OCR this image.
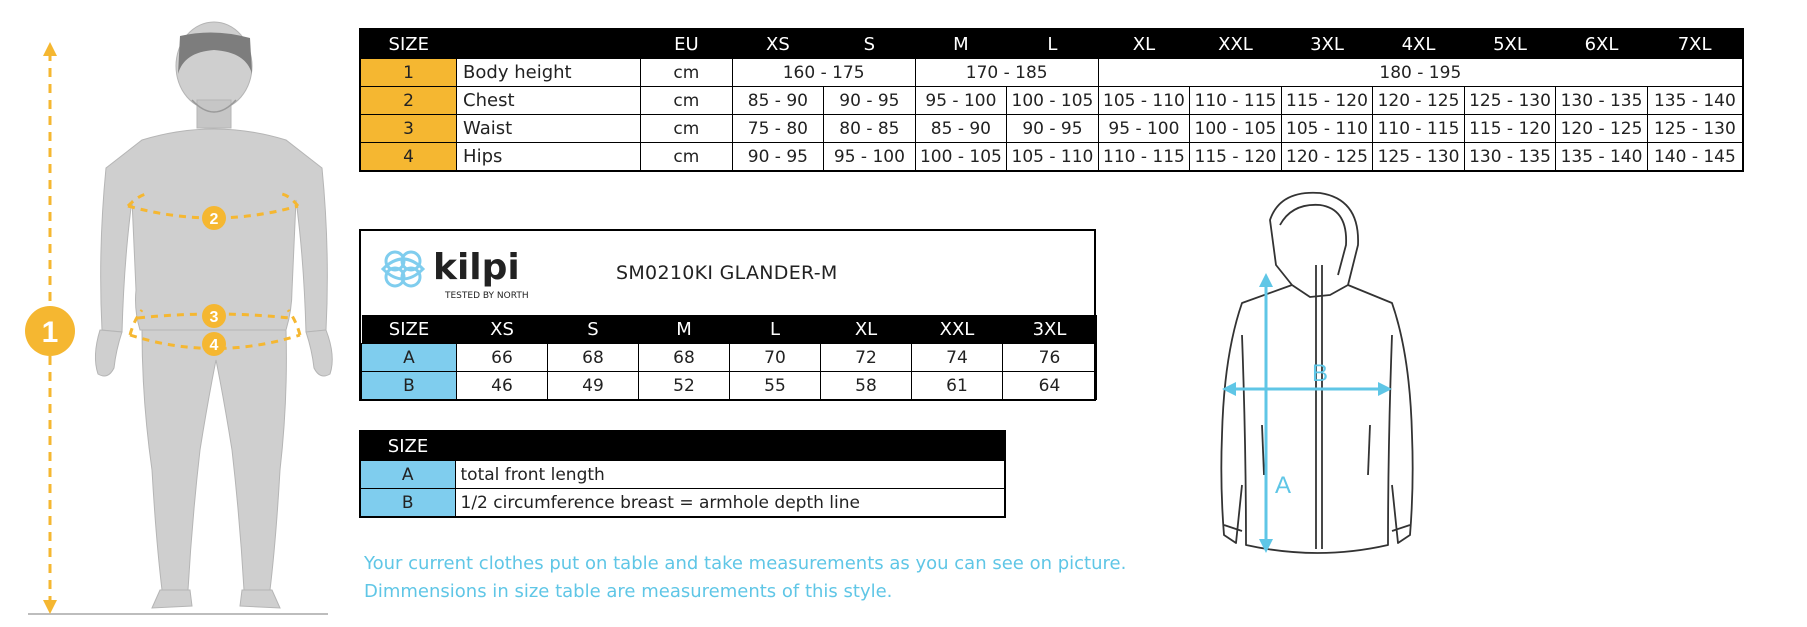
1
2
3
4
SIZE		EU	XS	S	M	L	XL	XXL	3XL	4XL	5XL	6XL	7XL
1	Body height	cm	160 - 175		170 - 185		180 - 195						
2	Chest	cm	85 - 90	90 - 95	95 - 100	100 - 105	105 - 110	110 - 115	115 - 120	120 - 125	125 - 130	130 - 135	135 - 140
3	Waist	cm	75 - 80	80 - 85	85 - 90	90 - 95	95 - 100	100 - 105	105 - 110	110 - 115	115 - 120	120 - 125	125 - 130
4	Hips	cm	90 - 95	95 - 100	100 - 105	105 - 110	110 - 115	115 - 120	120 - 125	125 - 130	130 - 135	135 - 140	140 - 145
kilpi
TESTED BY NORTH
SM0210KI GLANDER-M
SIZE	XS	S	M	L	XL	XXL	3XL
A	66	68	68	70	72	74	76
B	46	49	52	55	58	61	64
SIZE	
A	total front length
B	1/2 circumference breast = armhole depth line
Your current clothes put on table and take measurements as you can see on picture.
Dimmensions in size table are measurements of this style.
A
B
